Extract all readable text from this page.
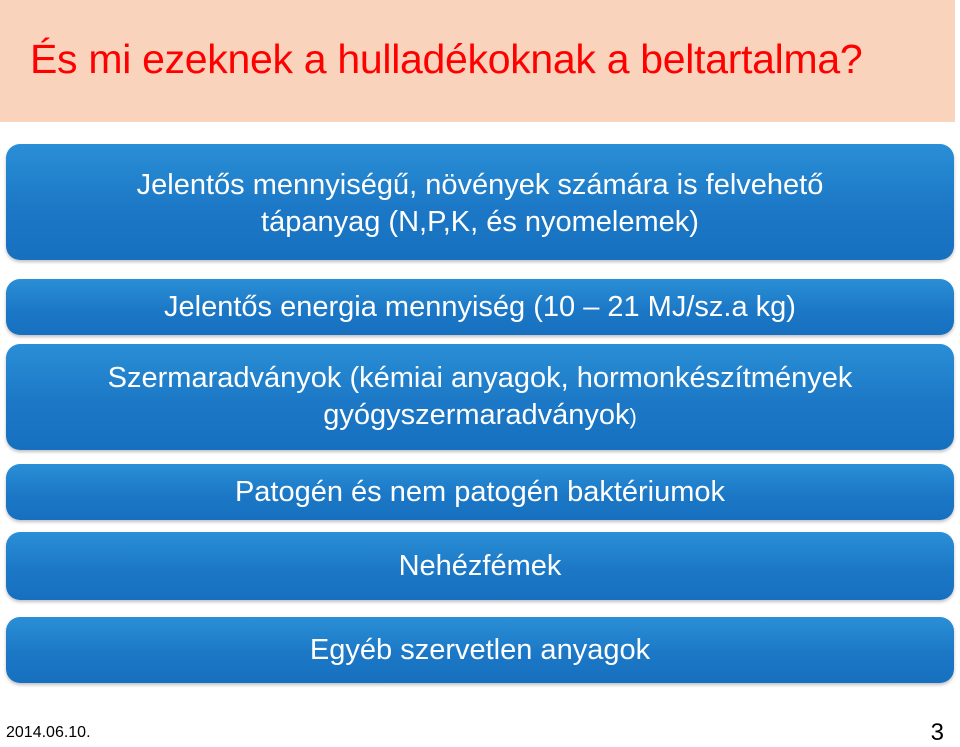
És mi ezeknek a hulladékoknak a beltartalma?
Jelentős mennyiségű, növények számára is felvehető
tápanyag (N,P,K, és nyomelemek)
Jelentős energia mennyiség (10 – 21 MJ/sz.a kg)
Szermaradványok (kémiai anyagok, hormonkészítmények
gyógyszermaradványok)
Patogén és nem patogén baktériumok
Nehézfémek
Egyéb szervetlen anyagok
2014.06.10.	3
